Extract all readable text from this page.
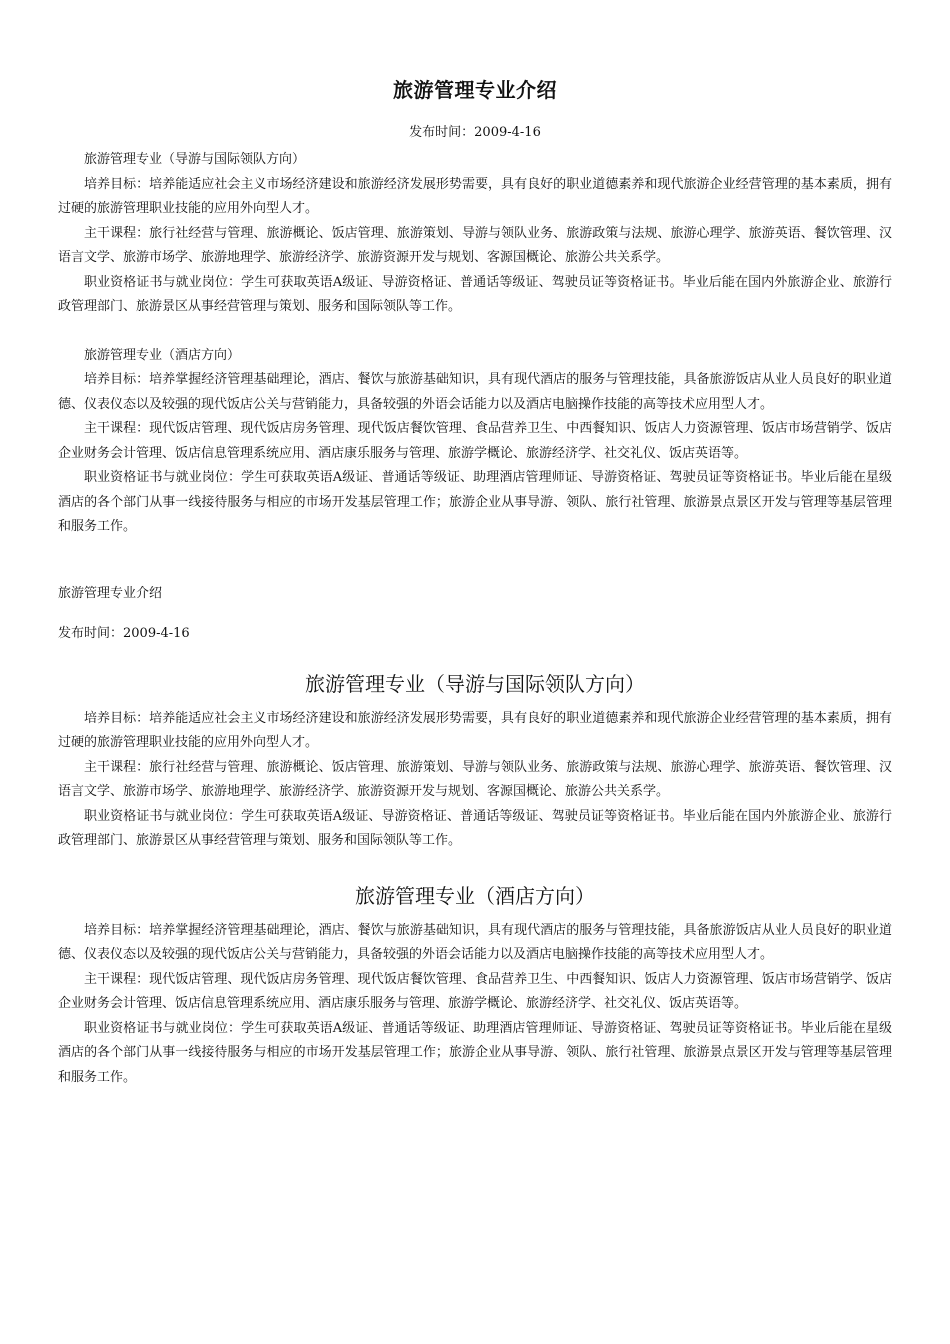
旅游管理专业介绍
发布时间：2009-4-16

旅游管理专业（导游与国际领队方向）

培养目标：培养能适应社会主义市场经济建设和旅游经济发展形势需要，具有良好的职业道德素养和现代旅游企业经营管理的基本素质，拥有过硬的旅游管理职业技能的应用外向型人才。

主干课程：旅行社经营与管理、旅游概论、饭店管理、旅游策划、导游与领队业务、旅游政策与法规、旅游心理学、旅游英语、餐饮管理、汉语言文学、旅游市场学、旅游地理学、旅游经济学、旅游资源开发与规划、客源国概论、旅游公共关系学。

职业资格证书与就业岗位：学生可获取英语A级证、导游资格证、普通话等级证、驾驶员证等资格证书。毕业后能在国内外旅游企业、旅游行政管理部门、旅游景区从事经营管理与策划、服务和国际领队等工作。

旅游管理专业（酒店方向）

培养目标：培养掌握经济管理基础理论，酒店、餐饮与旅游基础知识，具有现代酒店的服务与管理技能，具备旅游饭店从业人员良好的职业道德、仪表仪态以及较强的现代饭店公关与营销能力，具备较强的外语会话能力以及酒店电脑操作技能的高等技术应用型人才。

主干课程：现代饭店管理、现代饭店房务管理、现代饭店餐饮管理、食品营养卫生、中西餐知识、饭店人力资源管理、饭店市场营销学、饭店企业财务会计管理、饭店信息管理系统应用、酒店康乐服务与管理、旅游学概论、旅游经济学、社交礼仪、饭店英语等。

职业资格证书与就业岗位：学生可获取英语A级证、普通话等级证、助理酒店管理师证、导游资格证、驾驶员证等资格证书。毕业后能在星级酒店的各个部门从事一线接待服务与相应的市场开发基层管理工作；旅游企业从事导游、领队、旅行社管理、旅游景点景区开发与管理等基层管理和服务工作。

旅游管理专业介绍

发布时间：2009-4-16

旅游管理专业（导游与国际领队方向）

培养目标：培养能适应社会主义市场经济建设和旅游经济发展形势需要，具有良好的职业道德素养和现代旅游企业经营管理的基本素质，拥有过硬的旅游管理职业技能的应用外向型人才。

主干课程：旅行社经营与管理、旅游概论、饭店管理、旅游策划、导游与领队业务、旅游政策与法规、旅游心理学、旅游英语、餐饮管理、汉语言文学、旅游市场学、旅游地理学、旅游经济学、旅游资源开发与规划、客源国概论、旅游公共关系学。

职业资格证书与就业岗位：学生可获取英语A级证、导游资格证、普通话等级证、驾驶员证等资格证书。毕业后能在国内外旅游企业、旅游行政管理部门、旅游景区从事经营管理与策划、服务和国际领队等工作。

旅游管理专业（酒店方向）

培养目标：培养掌握经济管理基础理论，酒店、餐饮与旅游基础知识，具有现代酒店的服务与管理技能，具备旅游饭店从业人员良好的职业道德、仪表仪态以及较强的现代饭店公关与营销能力，具备较强的外语会话能力以及酒店电脑操作技能的高等技术应用型人才。

主干课程：现代饭店管理、现代饭店房务管理、现代饭店餐饮管理、食品营养卫生、中西餐知识、饭店人力资源管理、饭店市场营销学、饭店企业财务会计管理、饭店信息管理系统应用、酒店康乐服务与管理、旅游学概论、旅游经济学、社交礼仪、饭店英语等。

职业资格证书与就业岗位：学生可获取英语A级证、普通话等级证、助理酒店管理师证、导游资格证、驾驶员证等资格证书。毕业后能在星级酒店的各个部门从事一线接待服务与相应的市场开发基层管理工作；旅游企业从事导游、领队、旅行社管理、旅游景点景区开发与管理等基层管理和服务工作。
